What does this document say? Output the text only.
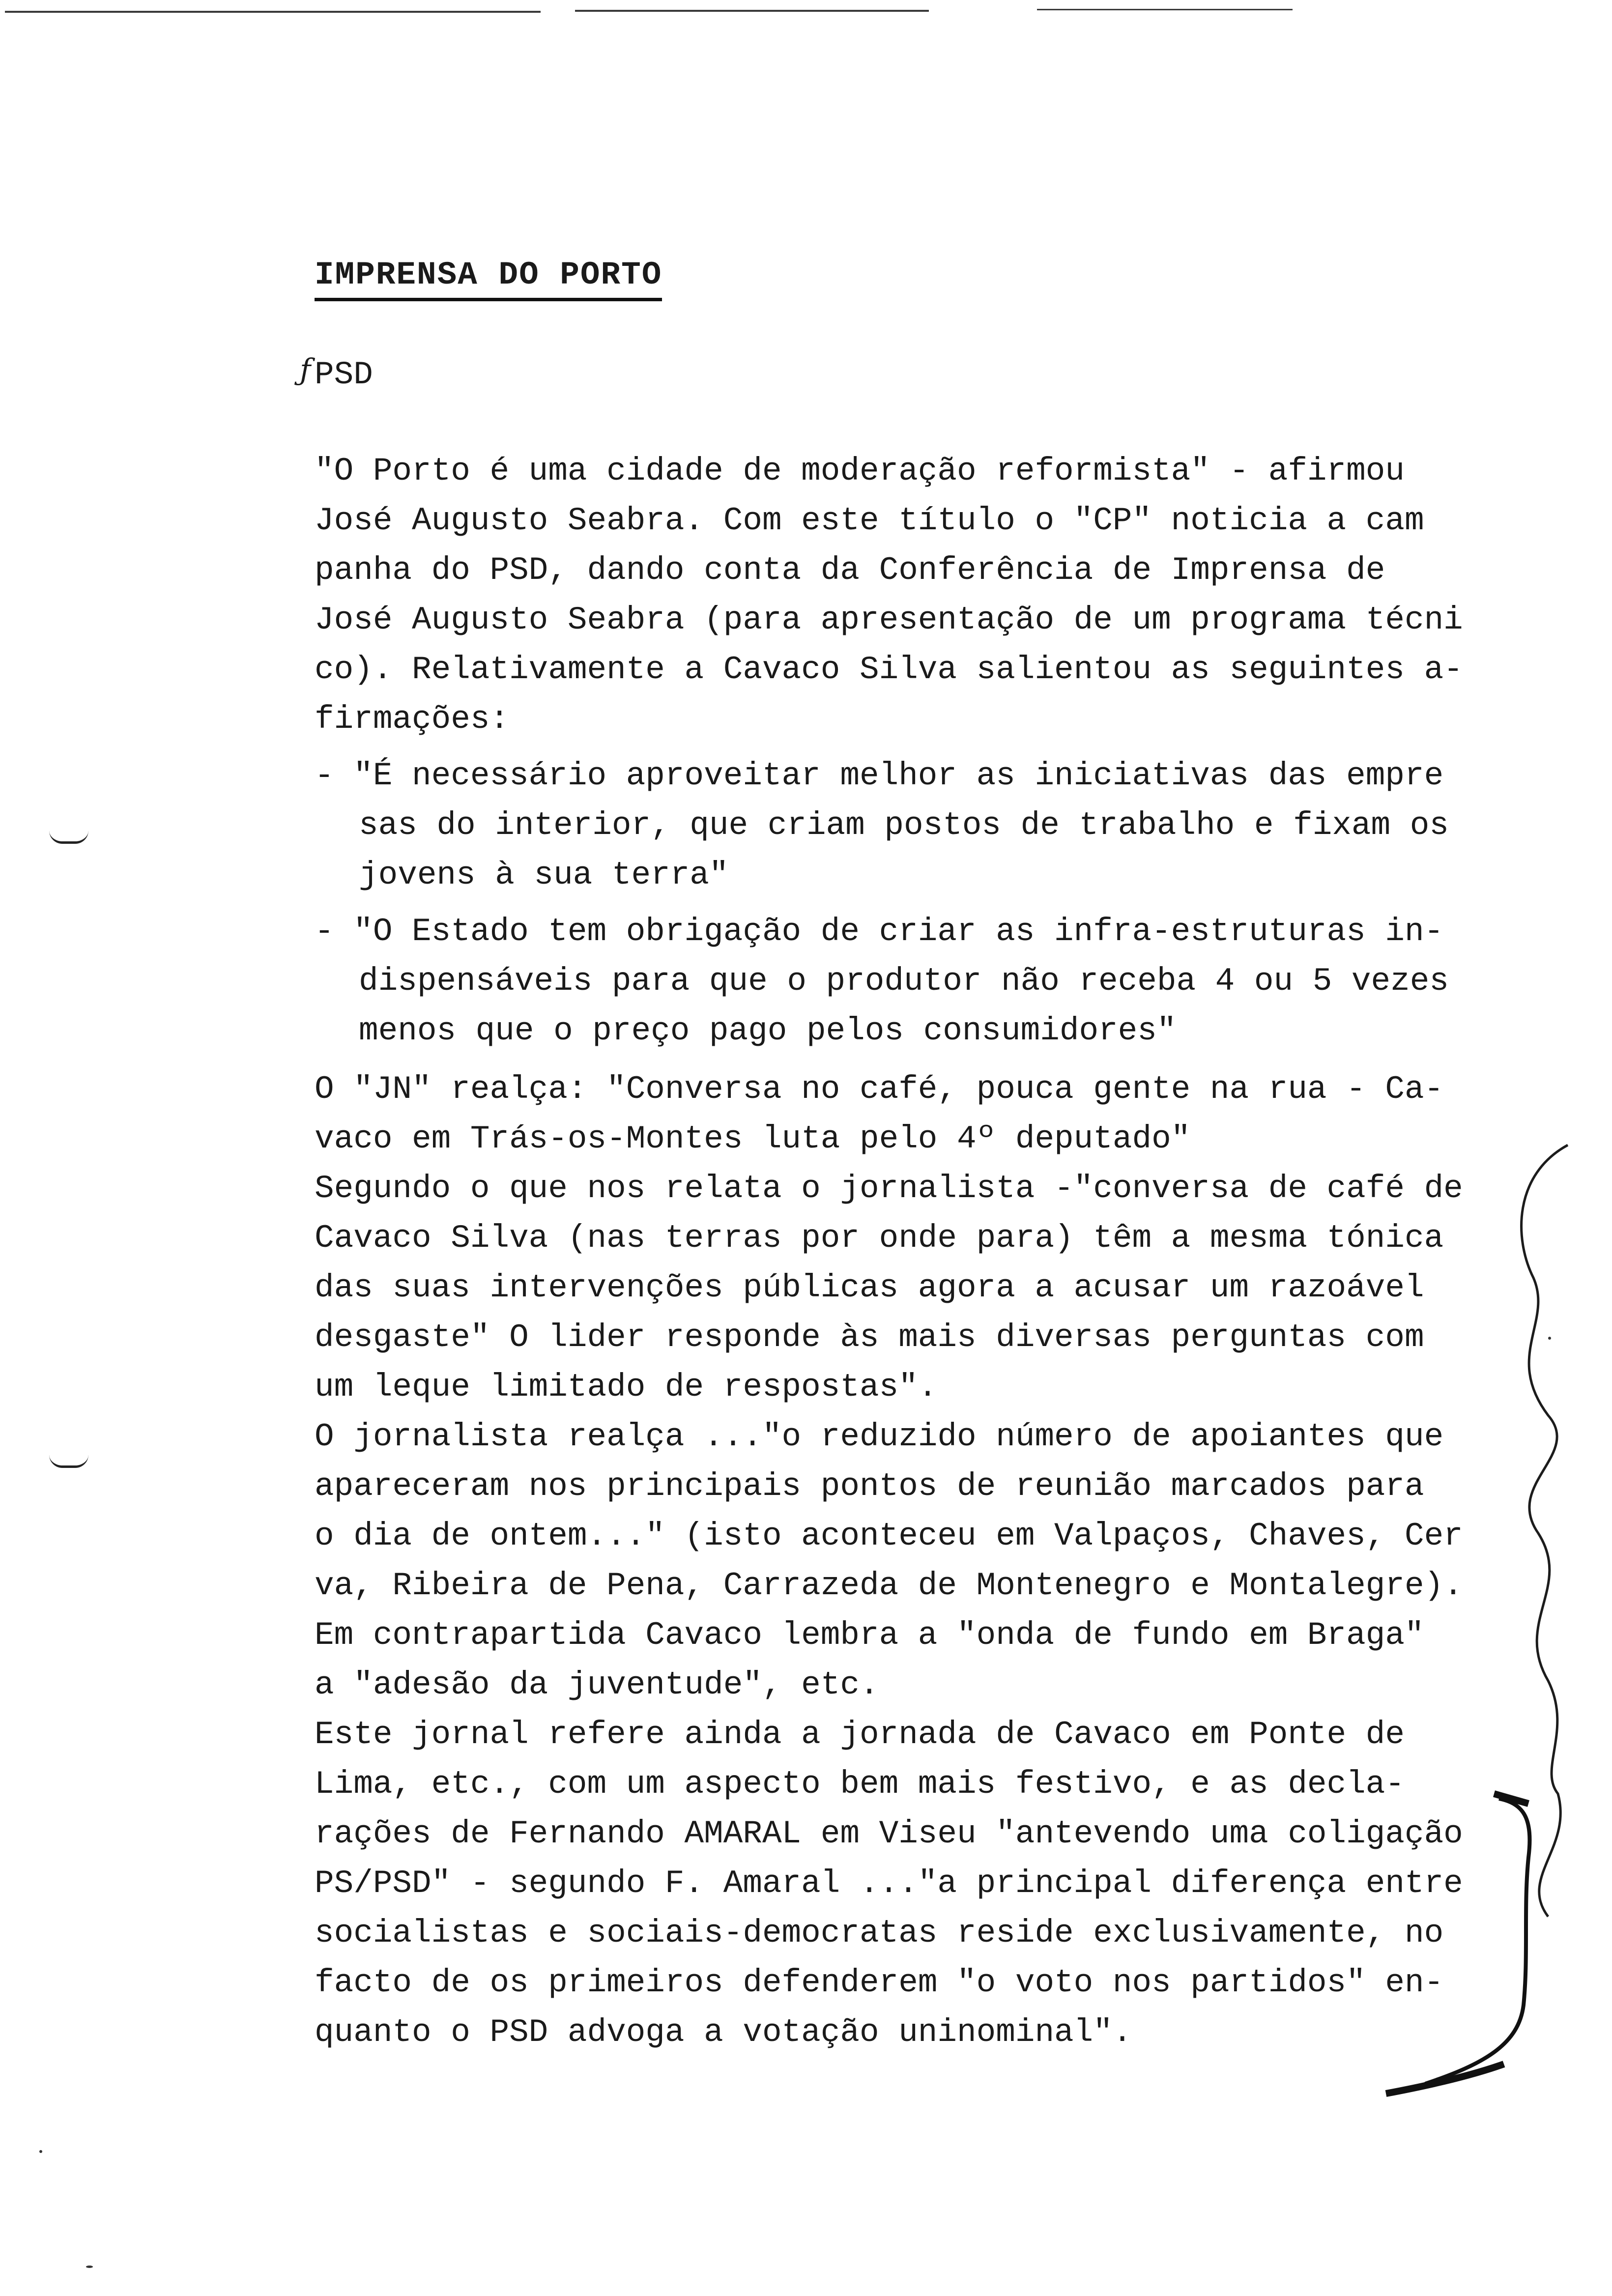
IMPRENSA DO PORTO
ƒ PSD

"O Porto é uma cidade de moderação reformista" - afirmou
José Augusto Seabra. Com este título o "CP" noticia a cam
panha do PSD, dando conta da Conferência de Imprensa de
José Augusto Seabra (para apresentação de um programa técni
co). Relativamente a Cavaco Silva salientou as seguintes a-
firmações:

- "É necessário aproveitar melhor as iniciativas das empre
sas do interior, que criam postos de trabalho e fixam os
jovens à sua terra"
- "O Estado tem obrigação de criar as infra-estruturas in-
dispensáveis para que o produtor não receba 4 ou 5 vezes
menos que o preço pago pelos consumidores"

O "JN" realça: "Conversa no café, pouca gente na rua - Ca-
vaco em Trás-os-Montes luta pelo 4º deputado"
Segundo o que nos relata o jornalista -"conversa de café de
Cavaco Silva (nas terras por onde para) têm a mesma tónica
das suas intervenções públicas agora a acusar um razoável
desgaste" O lider responde às mais diversas perguntas com
um leque limitado de respostas".
O jornalista realça ..."o reduzido número de apoiantes que
apareceram nos principais pontos de reunião marcados para
o dia de ontem..." (isto aconteceu em Valpaços, Chaves, Cer
va, Ribeira de Pena, Carrazeda de Montenegro e Montalegre).
Em contrapartida Cavaco lembra a "onda de fundo em Braga"
a "adesão da juventude", etc.
Este jornal refere ainda a jornada de Cavaco em Ponte de
Lima, etc., com um aspecto bem mais festivo, e as decla-
rações de Fernando AMARAL em Viseu "antevendo uma coligação
PS/PSD" - segundo F. Amaral ..."a principal diferença entre
socialistas e sociais-democratas reside exclusivamente, no
facto de os primeiros defenderem "o voto nos partidos" en-
quanto o PSD advoga a votação uninominal".
